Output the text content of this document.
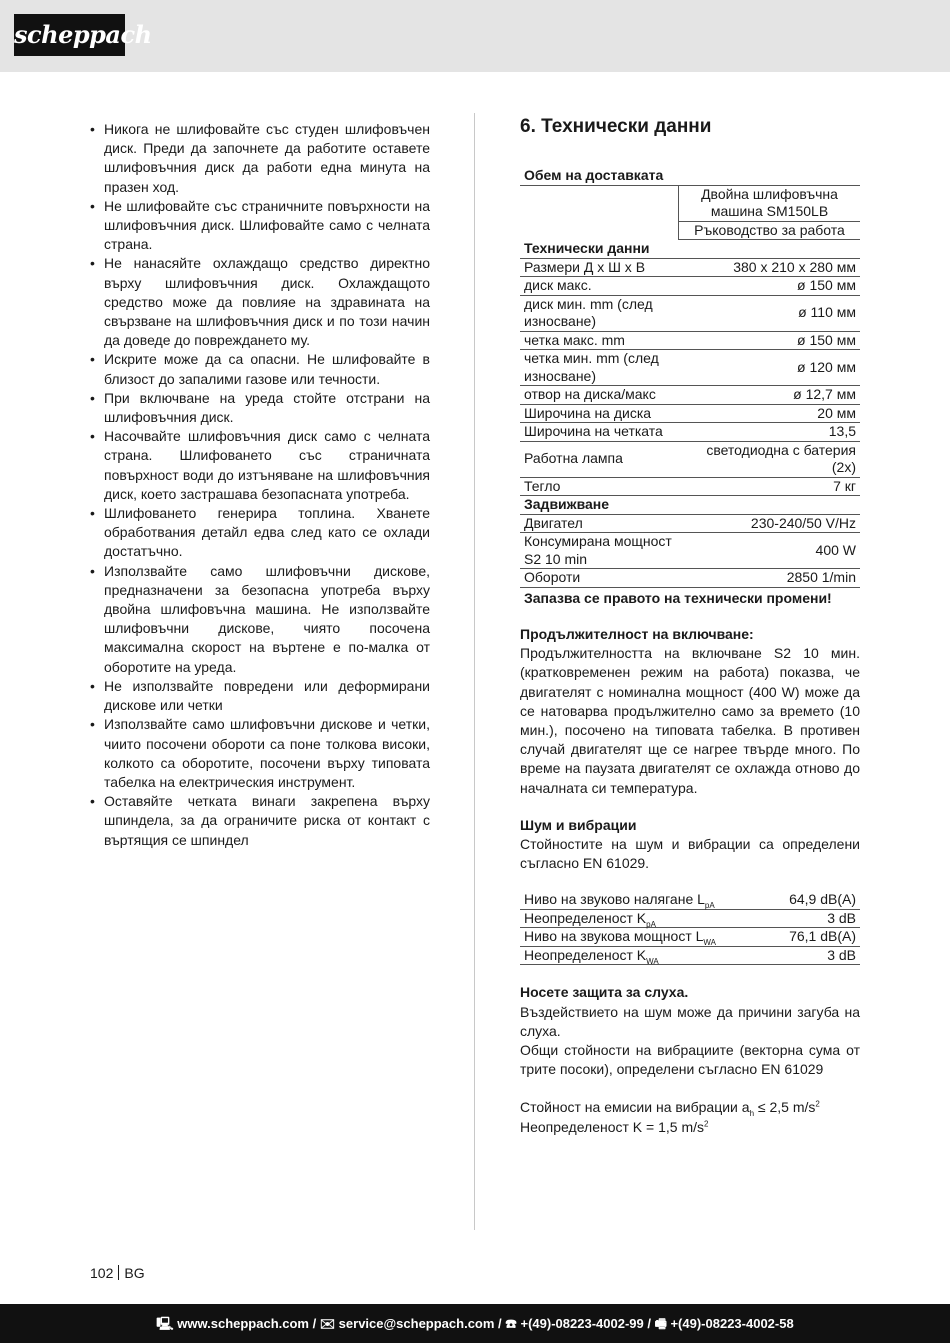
scheppach
• Никога не шлифовайте със студен шлифовъчен диск. Преди да започнете да работите оставете шлифовъчния диск да работи една минута на празен ход.
• Не шлифовайте със страничните повърхности на шлифовъчния диск. Шлифовайте само с челната страна.
• Не нанасяйте охлаждащо средство директно върху шлифовъчния диск. Охлаждащото средство може да повлияе на здравината на свързване на шлифовъчния диск и по този начин да доведе до повреждането му.
• Искрите може да са опасни. Не шлифовайте в близост до запалими газове или течности.
• При включване на уреда стойте отстрани на шлифовъчния диск.
• Насочвайте шлифовъчния диск само с челната страна. Шлифоването със страничната повърхност води до изтъняване на шлифовъчния диск, което застрашава безопасната употреба.
• Шлифоването генерира топлина. Хванете обработвания детайл едва след като се охлади достатъчно.
• Използвайте само шлифовъчни дискове, предназначени за безопасна употреба върху двойна шлифовъчна машина. Не използвайте шлифовъчни дискове, чиято посочена максимална скорост на въртене е по-малка от оборотите на уреда.
• Не използвайте повредени или деформирани дискове или четки
• Използвайте само шлифовъчни дискове и четки, чиито посочени обороти са поне толкова високи, колкото са оборотите, посочени върху типовата табелка на електрическия инструмент.
• Оставяйте четката винаги закрепена върху шпиндела, за да ограничите риска от контакт с въртящия се шпиндел
6. Технически данни
Обем на доставката	
	Двойна шлифовъчна машина SM150LB
	Ръководство за работа
Технически данни	
Размери Д х Ш х В	380 x 210 x 280 мм
диск макс.	ø 150 мм
диск мин. mm (след износване)	ø 110 мм
четка макс. mm	ø 150 мм
четка мин. mm (след износване)	ø 120 мм
отвор на диска/макс	ø 12,7 мм
Широчина на диска	20 мм
Широчина на четката	13,5
Работна лампа	светодиодна с батерия (2x)
Тегло	7 кг
Задвижване	
Двигател	230-240/50 V/Hz
Консумирана мощност S2 10 min	400 W
Обороти	2850 1/min
Запазва се правото на технически промени!	
Продължителност на включване:
Продължителността на включване S2 10 мин. (кратковременен режим на работа) показва, че двигателят с номинална мощност (400 W) може да се натоварва продължително само за времето (10 мин.), посочено на типовата табелка. В противен случай двигателят ще се нагрее твърде много. По време на паузата двигателят се охлажда отново до началната си температура.
Шум и вибрации
Стойностите на шум и вибрации са определени съгласно EN 61029.
Ниво на звуково налягане $L_{pA}$	64,9 dB(A)
Неопределеност $K_{pA}$	3 dB
Ниво на звукова мощност $L_{WA}$	76,1 dB(A)
Неопределеност $K_{WA}$	3 dB
Носете защита за слуха.
Въздействието на шум може да причини загуба на слуха.
Общи стойности на вибрациите (векторна сума от трите посоки), определени съгласно EN 61029
Стойност на емисии на вибрации $a_h \le 2,5$ $m/s^2$
Неопределеност K = 1,5 $m/s^2$
102 BG
🖳 www.scheppach.com / ✉ service@scheppach.com / ☎ +(49)-08223-4002-99 / 🖷 +(49)-08223-4002-58
